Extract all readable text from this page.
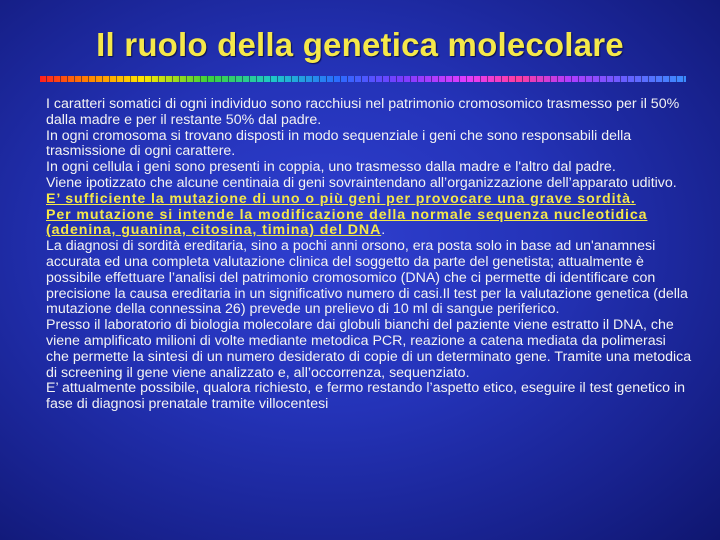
Il ruolo della genetica molecolare

I caratteri somatici di ogni individuo sono racchiusi nel patrimonio cromosomico trasmesso per il 50% dalla madre e per il restante 50% dal padre.

In ogni cromosoma si trovano disposti in modo sequenziale i geni che sono responsabili della trasmissione di ogni carattere.

In ogni cellula i geni sono presenti in coppia, uno trasmesso dalla madre e l'altro dal padre.

Viene ipotizzato che alcune centinaia di geni sovraintendano all’organizzazione dell’apparato uditivo.

E’ sufficiente la mutazione di uno o più geni per provocare una grave sordità.

Per mutazione si intende la modificazione della normale sequenza nucleotidica (adenina, guanina, citosina, timina) del DNA.

La diagnosi di sordità ereditaria, sino a pochi anni orsono, era posta solo in base ad un'anamnesi accurata ed una completa valutazione clinica del soggetto da parte del genetista; attualmente è possibile effettuare l’analisi del patrimonio cromosomico (DNA) che ci permette di identificare con precisione la causa ereditaria in un significativo numero di casi.Il test per la valutazione genetica (della mutazione della connessina 26) prevede un prelievo di 10 ml di sangue periferico.

Presso il laboratorio di biologia molecolare dai globuli bianchi del paziente viene estratto il DNA, che viene amplificato milioni di volte mediante metodica PCR, reazione a catena mediata da polimerasi che permette la sintesi di un numero desiderato di copie di un determinato gene. Tramite una metodica di screening il gene viene analizzato e, all’occorrenza, sequenziato.

E’ attualmente possibile, qualora richiesto, e fermo restando l’aspetto etico, eseguire il test genetico in fase di diagnosi prenatale tramite villocentesi
